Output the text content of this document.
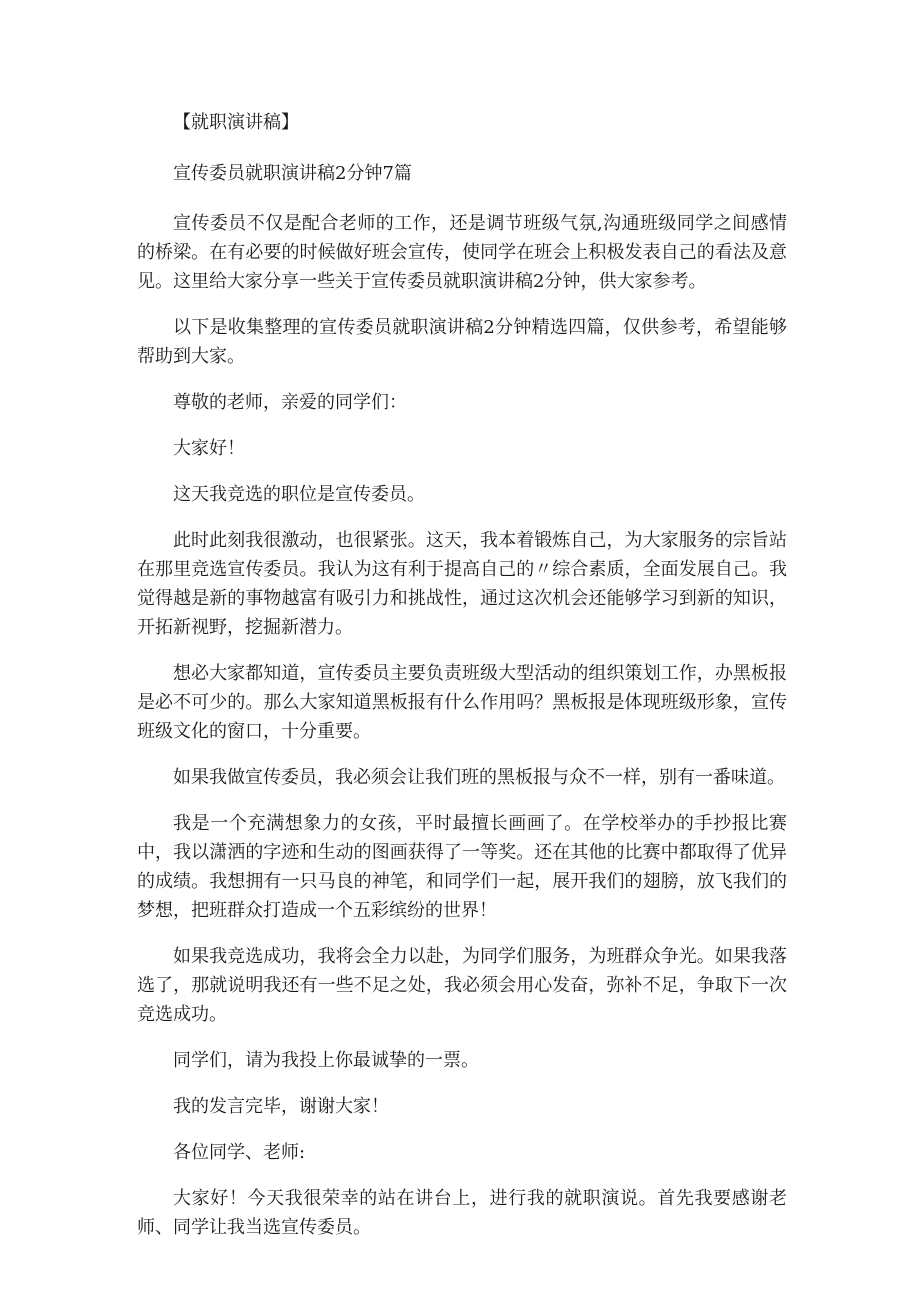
【就职演讲稿】

宣传委员就职演讲稿2分钟7篇

宣传委员不仅是配合老师的工作，还是调节班级气氛,沟通班级同学之间感情的桥梁。在有必要的时候做好班会宣传，使同学在班会上积极发表自己的看法及意见。这里给大家分享一些关于宣传委员就职演讲稿2分钟，供大家参考。

以下是收集整理的宣传委员就职演讲稿2分钟精选四篇，仅供参考，希望能够帮助到大家。

尊敬的老师，亲爱的同学们：

大家好！

这天我竞选的职位是宣传委员。

此时此刻我很激动，也很紧张。这天，我本着锻炼自己，为大家服务的宗旨站在那里竞选宣传委员。我认为这有利于提高自己的〃综合素质，全面发展自己。我觉得越是新的事物越富有吸引力和挑战性，通过这次机会还能够学习到新的知识，开拓新视野，挖掘新潜力。

想必大家都知道，宣传委员主要负责班级大型活动的组织策划工作，办黑板报是必不可少的。那么大家知道黑板报有什么作用吗？黑板报是体现班级形象，宣传班级文化的窗口，十分重要。

如果我做宣传委员，我必须会让我们班的黑板报与众不一样，别有一番味道。

我是一个充满想象力的女孩，平时最擅长画画了。在学校举办的手抄报比赛中，我以潇洒的字迹和生动的图画获得了一等奖。还在其他的比赛中都取得了优异的成绩。我想拥有一只马良的神笔，和同学们一起，展开我们的翅膀，放飞我们的梦想，把班群众打造成一个五彩缤纷的世界！

如果我竞选成功，我将会全力以赴，为同学们服务，为班群众争光。如果我落选了，那就说明我还有一些不足之处，我必须会用心发奋，弥补不足，争取下一次竞选成功。

同学们，请为我投上你最诚挚的一票。

我的发言完毕，谢谢大家！

各位同学、老师:

大家好！今天我很荣幸的站在讲台上，进行我的就职演说。首先我要感谢老师、同学让我当选宣传委员。
